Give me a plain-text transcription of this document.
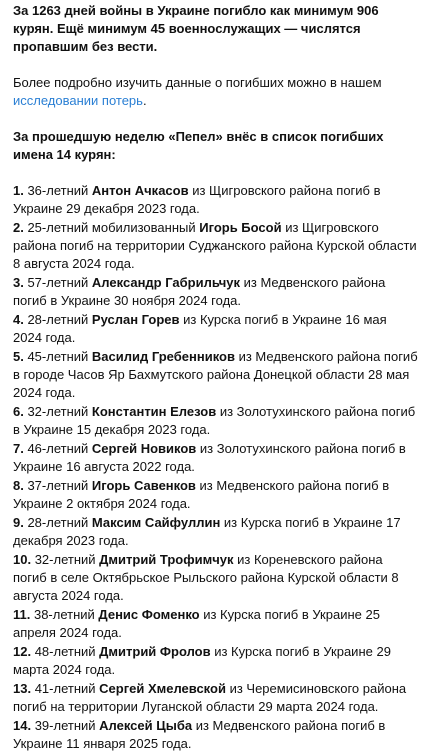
За 1263 дней войны в Украине погибло как минимум 906 курян. Ещё минимум 45 военнослужащих — числятся пропавшим без вести.

Более подробно изучить данные о погибших можно в нашем исследовании потерь.

За прошедшую неделю «Пепел» внёс в список погибших имена 14 курян:

1. 36-летний Антон Ачкасов из Щигровского района погиб в Украине 29 декабря 2023 года.

2. 25-летний мобилизованный Игорь Босой из Щигровского района погиб на территории Суджанского района Курской области 8 августа 2024 года.

3. 57-летний Александр Габрильчук из Медвенского района погиб в Украине 30 ноября 2024 года.

4. 28-летний Руслан Горев из Курска погиб в Украине 16 мая 2024 года.

5. 45-летний Василид Гребенников из Медвенского района погиб в городе Часов Яр Бахмутского района Донецкой области 28 мая 2024 года.

6. 32-летний Константин Елезов из Золотухинского района погиб в Украине 15 декабря 2023 года.

7. 46-летний Сергей Новиков из Золотухинского района погиб в Украине 16 августа 2022 года.

8. 37-летний Игорь Савенков из Медвенского района погиб в Украине 2 октября 2024 года.

9. 28-летний Максим Сайфуллин из Курска погиб в Украине 17 декабря 2023 года.

10. 32-летний Дмитрий Трофимчук из Кореневского района погиб в селе Октябрьское Рыльского района Курской области 8 августа 2024 года.

11. 38-летний Денис Фоменко из Курска погиб в Украине 25 апреля 2024 года.

12. 48-летний Дмитрий Фролов из Курска погиб в Украине 29 марта 2024 года.

13. 41-летний Сергей Хмелевской из Черемисиновского района погиб на территории Луганской области 29 марта 2024 года.

14. 39-летний Алексей Цыба из Медвенского района погиб в Украине 11 января 2025 года.
